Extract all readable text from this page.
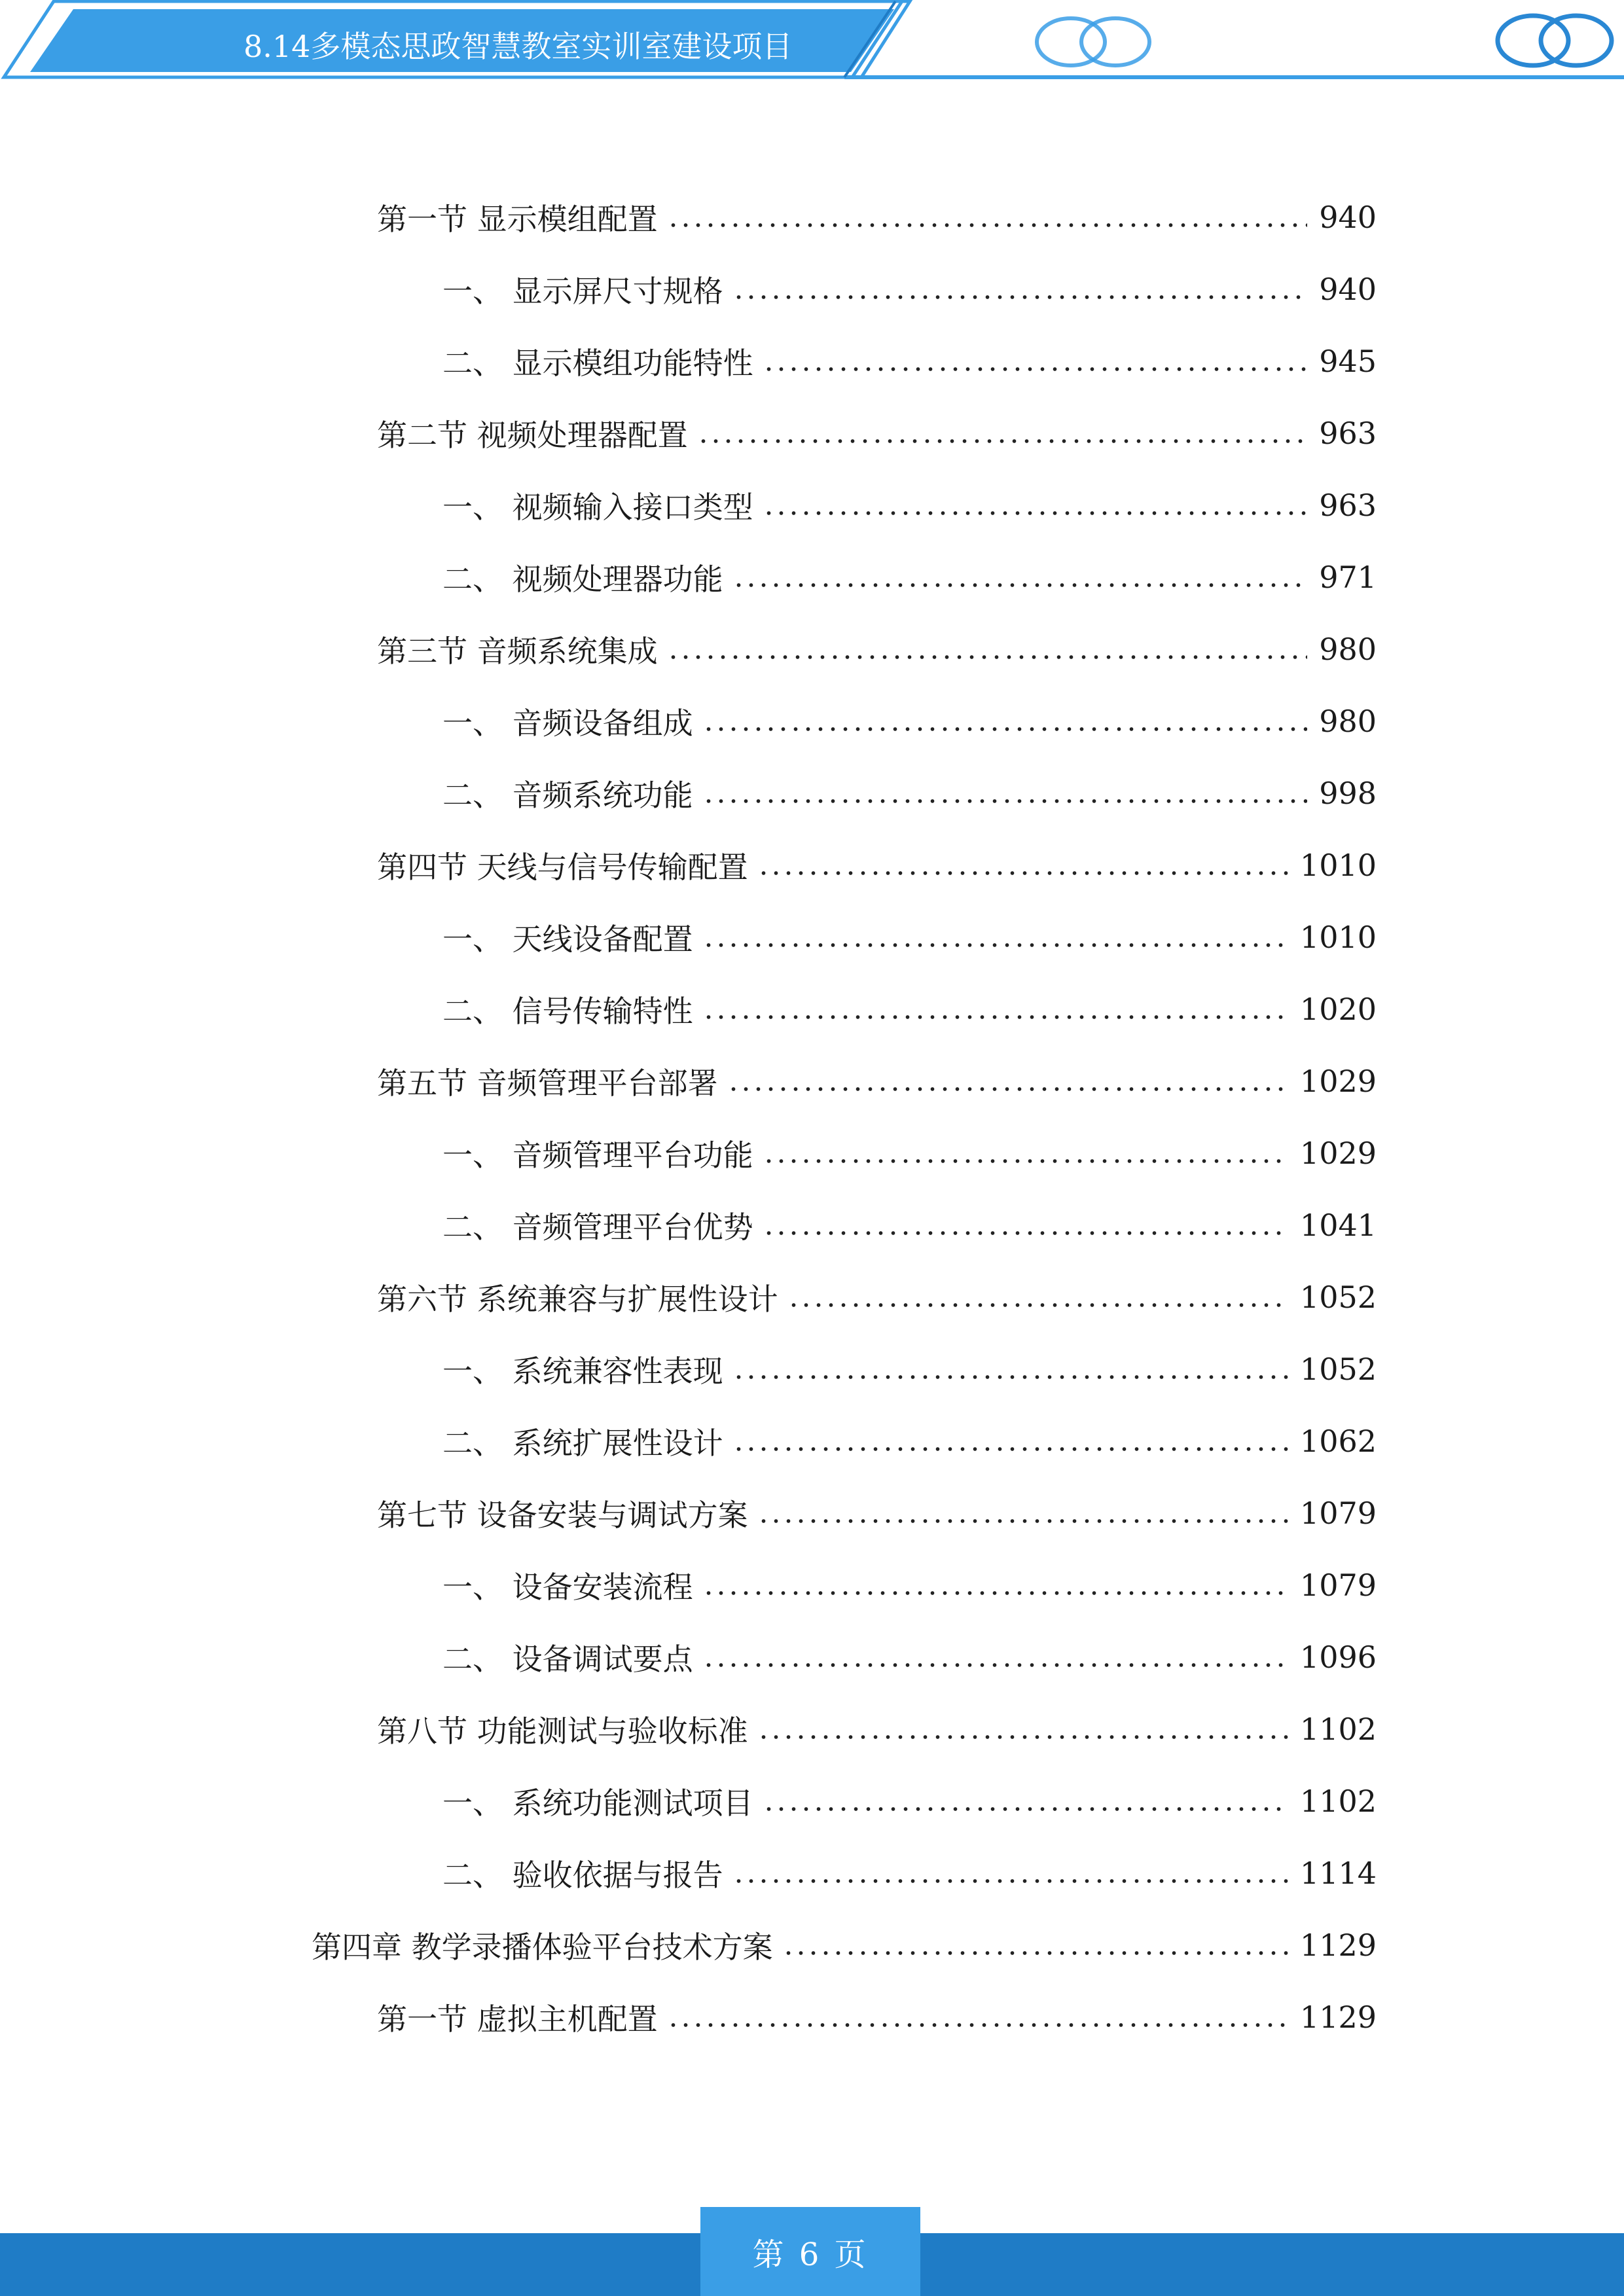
8.14多模态思政智慧教室实训室建设项目
第一节 显示模组配置	940
一、 显示屏尺寸规格	940
二、 显示模组功能特性	945
第二节 视频处理器配置	963
一、 视频输入接口类型	963
二、 视频处理器功能	971
第三节 音频系统集成	980
一、 音频设备组成	980
二、 音频系统功能	998
第四节 天线与信号传输配置	1010
一、 天线设备配置	1010
二、 信号传输特性	1020
第五节 音频管理平台部署	1029
一、 音频管理平台功能	1029
二、 音频管理平台优势	1041
第六节 系统兼容与扩展性设计	1052
一、 系统兼容性表现	1052
二、 系统扩展性设计	1062
第七节 设备安装与调试方案	1079
一、 设备安装流程	1079
二、 设备调试要点	1096
第八节 功能测试与验收标准	1102
一、 系统功能测试项目	1102
二、 验收依据与报告	1114
第四章 教学录播体验平台技术方案	1129
第一节 虚拟主机配置	1129
第 6 页
